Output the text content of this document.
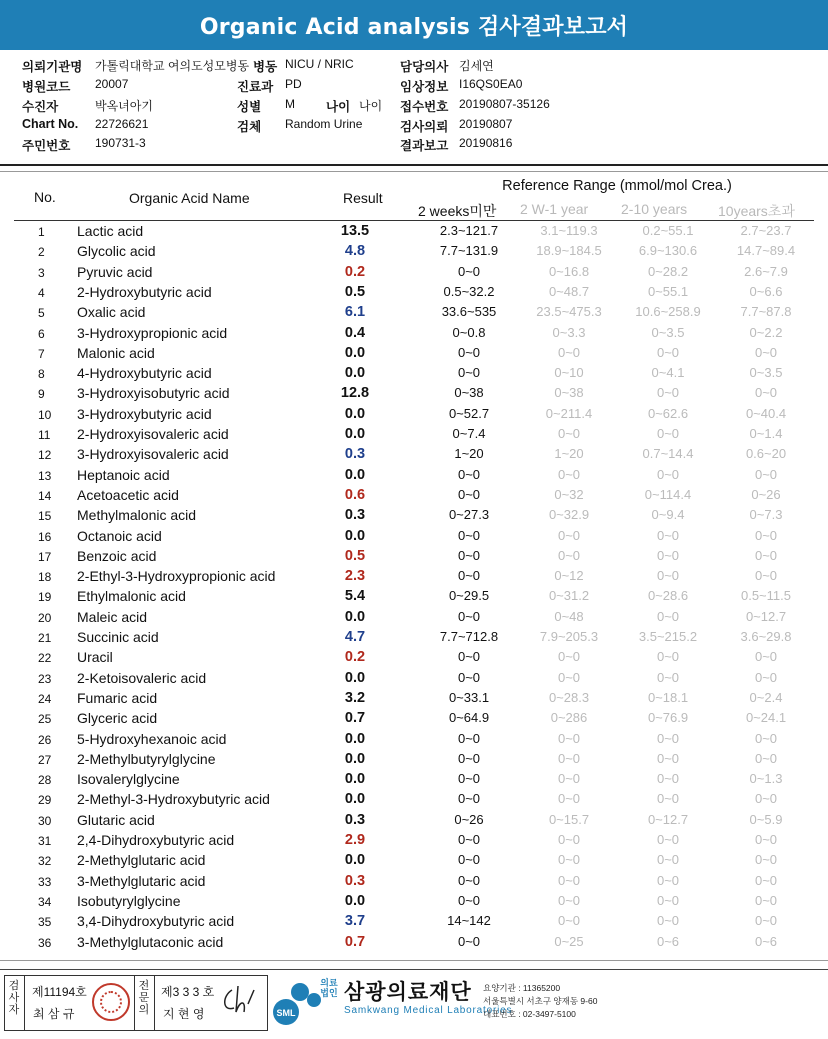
Organic Acid analysis 검사결과보고서
의뢰기관명 가톨릭대학교 여의도성모병동 병동 NICU / NRIC	담당의사 김세연
병원코드 20007	진료과 PD	임상정보 I16QS0EA0
수진자	박옥녀아기	성별 M 나이 나이 접수번호 20190807-35126
Chart No. 22726621	검체 Random Urine	검사의뢰 20190807
주민번호 190731-3	결과보고 20190816
No.	Organic Acid Name	Result
Reference Range (mmol/mol Crea.)
2 weeks미만 2 W-1 year 2-10 years 10years초과
1 Lactic acid	13.5	2.3~121.7	3.1~119.3	0.2~55.1	2.7~23.7
2 Glycolic acid	4.8	7.7~131.9	18.9~184.5	6.9~130.6	14.7~89.4
3 Pyruvic acid	0.2	0~0	0~16.8	0~28.2	2.6~7.9
4 2-Hydroxybutyric acid	0.5	0.5~32.2	0~48.7	0~55.1	0~6.6
5 Oxalic acid	6.1	33.6~535	23.5~475.3	10.6~258.9	7.7~87.8
6 3-Hydroxypropionic acid	0.4	0~0.8	0~3.3	0~3.5	0~2.2
7 Malonic acid	0.0	0~0	0~0	0~0	0~0
8 4-Hydroxybutyric acid	0.0	0~0	0~10	0~4.1	0~3.5
9 3-Hydroxyisobutyric acid	12.8	0~38	0~38	0~0	0~0
10 3-Hydroxybutyric acid	0.0	0~52.7	0~211.4	0~62.6	0~40.4
11 2-Hydroxyisovaleric acid	0.0	0~7.4	0~0	0~0	0~1.4
12 3-Hydroxyisovaleric acid	0.3	1~20	1~20	0.7~14.4	0.6~20
13 Heptanoic acid	0.0	0~0	0~0	0~0	0~0
14 Acetoacetic acid	0.6	0~0	0~32	0~114.4	0~26
15 Methylmalonic acid	0.3	0~27.3	0~32.9	0~9.4	0~7.3
16 Octanoic acid	0.0	0~0	0~0	0~0	0~0
17 Benzoic acid	0.5	0~0	0~0	0~0	0~0
18 2-Ethyl-3-Hydroxypropionic acid	2.3	0~0	0~12	0~0	0~0
19 Ethylmalonic acid	5.4	0~29.5	0~31.2	0~28.6	0.5~11.5
20 Maleic acid	0.0	0~0	0~48	0~0	0~12.7
21 Succinic acid	4.7	7.7~712.8	7.9~205.3	3.5~215.2	3.6~29.8
22 Uracil	0.2	0~0	0~0	0~0	0~0
23 2-Ketoisovaleric acid	0.0	0~0	0~0	0~0	0~0
24 Fumaric acid	3.2	0~33.1	0~28.3	0~18.1	0~2.4
25 Glyceric acid	0.7	0~64.9	0~286	0~76.9	0~24.1
26 5-Hydroxyhexanoic acid	0.0	0~0	0~0	0~0	0~0
27 2-Methylbutyrylglycine	0.0	0~0	0~0	0~0	0~0
28 Isovalerylglycine	0.0	0~0	0~0	0~0	0~1.3
29 2-Methyl-3-Hydroxybutyric acid	0.0	0~0	0~0	0~0	0~0
30 Glutaric acid	0.3	0~26	0~15.7	0~12.7	0~5.9
31 2,4-Dihydroxybutyric acid	2.9	0~0	0~0	0~0	0~0
32 2-Methylglutaric acid	0.0	0~0	0~0	0~0	0~0
33 3-Methylglutaric acid	0.3	0~0	0~0	0~0	0~0
34 Isobutyrylglycine	0.0	0~0	0~0	0~0	0~0
35 3,4-Dihydroxybutyric acid	3.7	14~142	0~0	0~0	0~0
36 3-Methylglutaconic acid	0.7	0~0	0~25	0~6	0~6
검사자
제11194호
최 삼 규
전문의
제3 3 3 호
지 현 영	SML
의료법인 삼광의료재단
Samkwang Medical Laboratories
요양기관 : 11365200
서울특별시 서초구 양재동 9-60
대표번호 : 02-3497-5100
